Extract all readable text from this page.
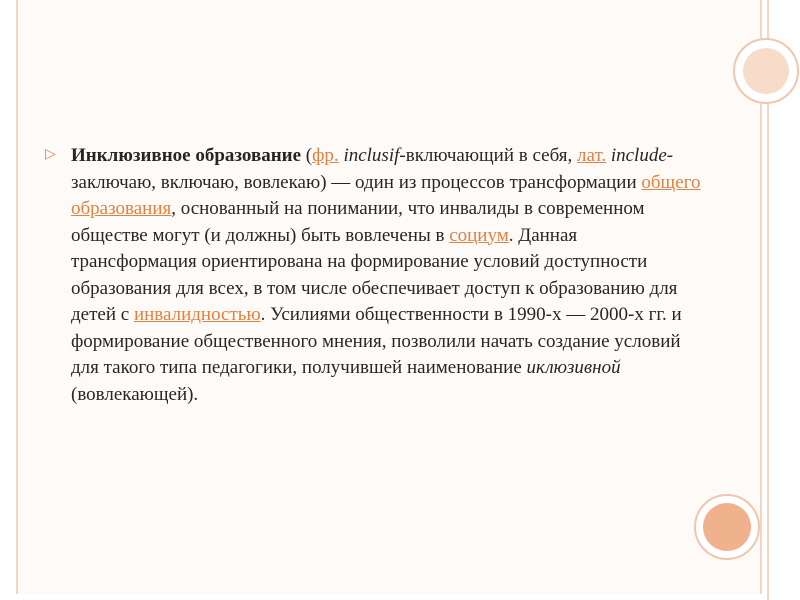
▷ Инклюзивное образование (фр. inclusif-включающий в себя, лат. include-заключаю, включаю, вовлекаю) — один из процессов трансформации общего образования, основанный на понимании, что инвалиды в современном обществе могут (и должны) быть вовлечены в социум. Данная трансформация ориентирована на формирование условий доступности образования для всех, в том числе обеспечивает доступ к образованию для детей с инвалидностью. Усилиями общественности в 1990-х — 2000-х гг. и формирование общественного мнения, позволили начать создание условий для такого типа педагогики, получившей наименование иклюзивной (вовлекающей).
